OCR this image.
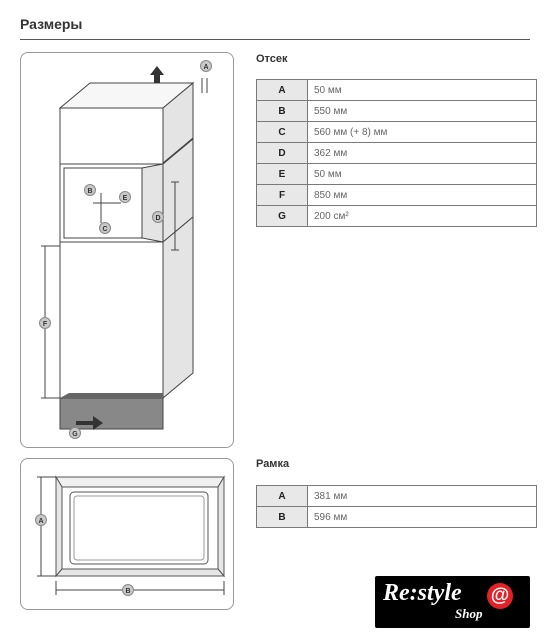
Размеры
A
B
C
D
E
F
G
A
B
Отсек
A	50 мм
B	550 мм
C	560 мм (+ 8) мм
D	362 мм
E	50 мм
F	850 мм
G	200 см²
Рамка
A	381 мм
B	596 мм
Re:style @
Shop
